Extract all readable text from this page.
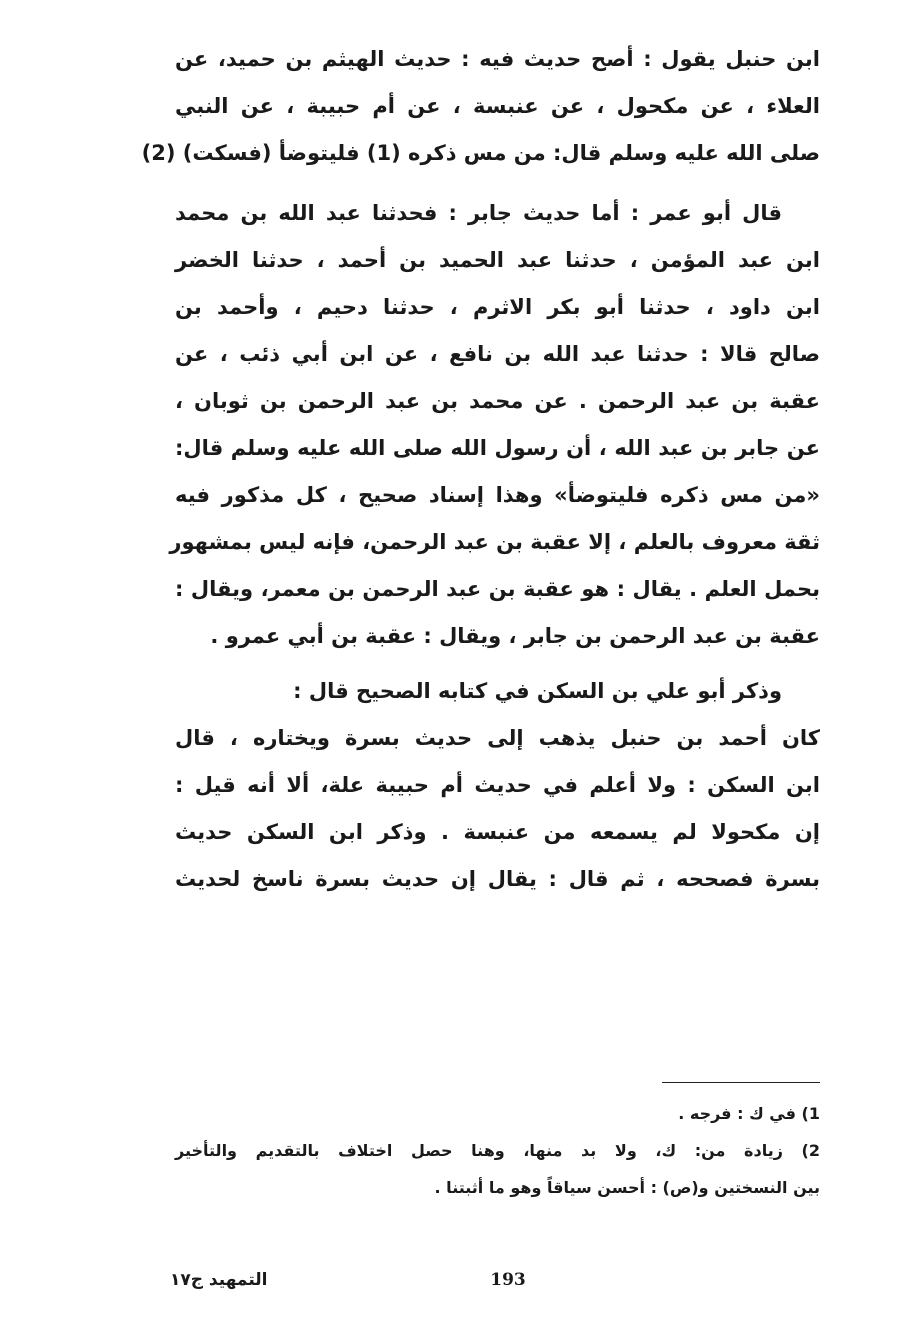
ابن حنبل يقول : أصح حديث فيه : حديث الهيثم بن حميد، عن
العلاء ، عن مكحول ، عن عنبسة ، عن أم حبيبة ، عن النبي
صلى الله عليه وسلم قال: من مس ذكره (1) فليتوضأ (فسكت) (2)
قال أبو عمر : أما حديث جابر : فحدثنا عبد الله بن محمد
ابن عبد المؤمن ، حدثنا عبد الحميد بن أحمد ، حدثنا الخضر
ابن داود ، حدثنا أبو بكر الاثرم ، حدثنا دحيم ، وأحمد بن
صالح قالا : حدثنا عبد الله بن نافع ، عن ابن أبي ذئب ، عن
عقبة بن عبد الرحمن . عن محمد بن عبد الرحمن بن ثوبان ،
عن جابر بن عبد الله ، أن رسول الله صلى الله عليه وسلم قال:
«من مس ذكره فليتوضأ» وهذا إسناد صحيح ، كل مذكور فيه
ثقة معروف بالعلم ، إلا عقبة بن عبد الرحمن، فإنه ليس بمشهور
بحمل العلم . يقال : هو عقبة بن عبد الرحمن بن معمر، ويقال :
عقبة بن عبد الرحمن بن جابر ، ويقال : عقبة بن أبي عمرو .
وذكر أبو علي بن السكن في كتابه الصحيح قال :
كان أحمد بن حنبل يذهب إلى حديث بسرة ويختاره ، قال
ابن السكن : ولا أعلم في حديث أم حبيبة علة، ألا أنه قيل :
إن مكحولا لم يسمعه من عنبسة . وذكر ابن السكن حديث
بسرة فصححه ، ثم قال : يقال إن حديث بسرة ناسخ لحديث
1) في ك : فرجه .
2) زيادة من: ك، ولا بد منها، وهنا حصل اختلاف بالتقديم والتأخير
بين النسختين و(ص) : أحسن سياقاً وهو ما أثبتنا .
193
التمهيد ج١٧
